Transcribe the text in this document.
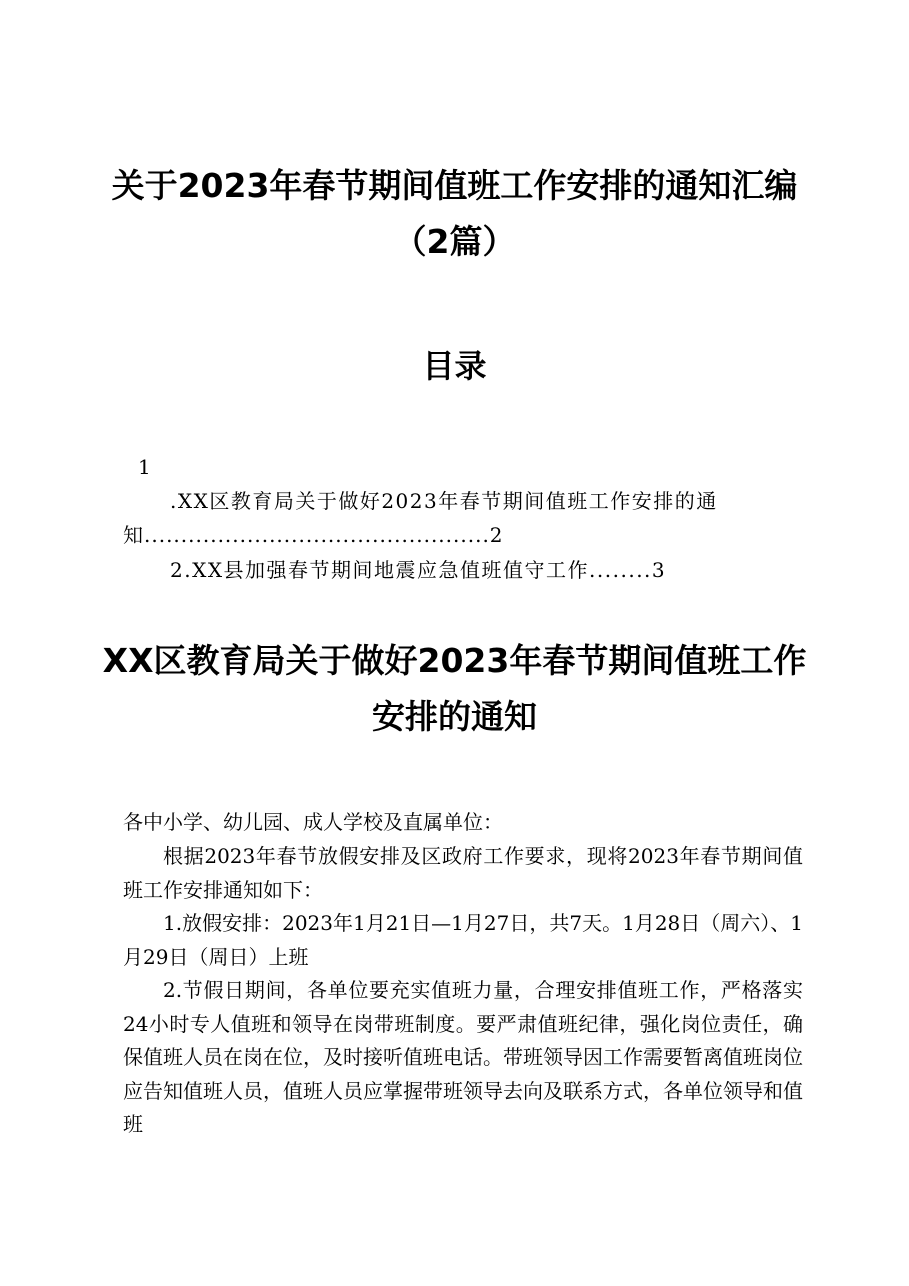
关于2023年春节期间值班工作安排的通知汇编（2篇）
目录

1

.XX区教育局关于做好2023年春节期间值班工作安排的通

知...............................................2

2.XX县加强春节期间地震应急值班值守工作........3

XX区教育局关于做好2023年春节期间值班工作安排的通知

各中小学、幼儿园、成人学校及直属单位：

根据2023年春节放假安排及区政府工作要求，现将2023年春节期间值班工作安排通知如下：

1.放假安排：2023年1月21日—1月27日，共7天。1月28日（周六）、1月29日（周日）上班

2.节假日期间，各单位要充实值班力量，合理安排值班工作，严格落实24小时专人值班和领导在岗带班制度。要严肃值班纪律，强化岗位责任，确保值班人员在岗在位，及时接听值班电话。带班领导因工作需要暂离值班岗位应告知值班人员，值班人员应掌握带班领导去向及联系方式，各单位领导和值班
